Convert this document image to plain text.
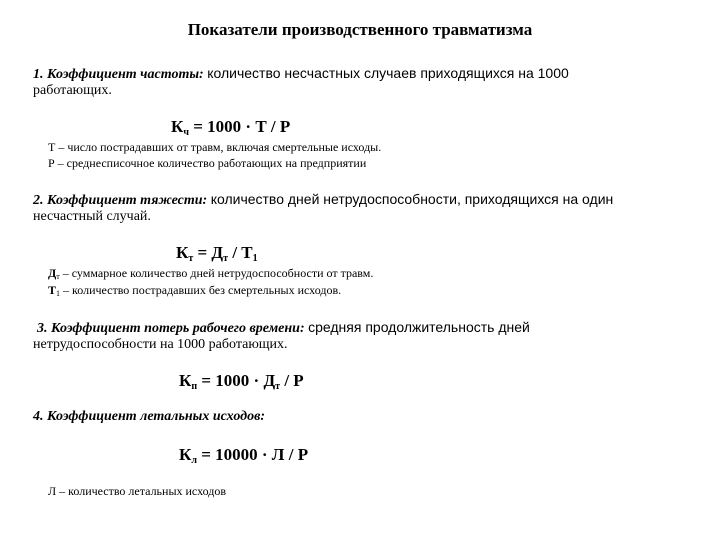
Показатели производственного травматизма
1. Коэффициент частоты: количество несчастных случаев приходящихся на 1000
работающих.
$К_ч = 1000 \cdot Т / Р$
Т – число пострадавших от травм, включая смертельные исходы.
Р – среднесписочное количество работающих на предприятии
2. Коэффициент тяжести: количество дней нетрудоспособности, приходящихся на один
несчастный случай.
$К_т = Д_т / Т_1$
$Д_т$ – суммарное количество дней нетрудоспособности от травм.
$Т_1$ – количество пострадавших без смертельных исходов.
3. Коэффициент потерь рабочего времени: средняя продолжительность дней
нетрудоспособности на 1000 работающих.
$К_п = 1000 \cdot Д_т / Р$
4. Коэффициент летальных исходов:
$К_л = 10000 \cdot Л / Р$
Л – количество летальных исходов
